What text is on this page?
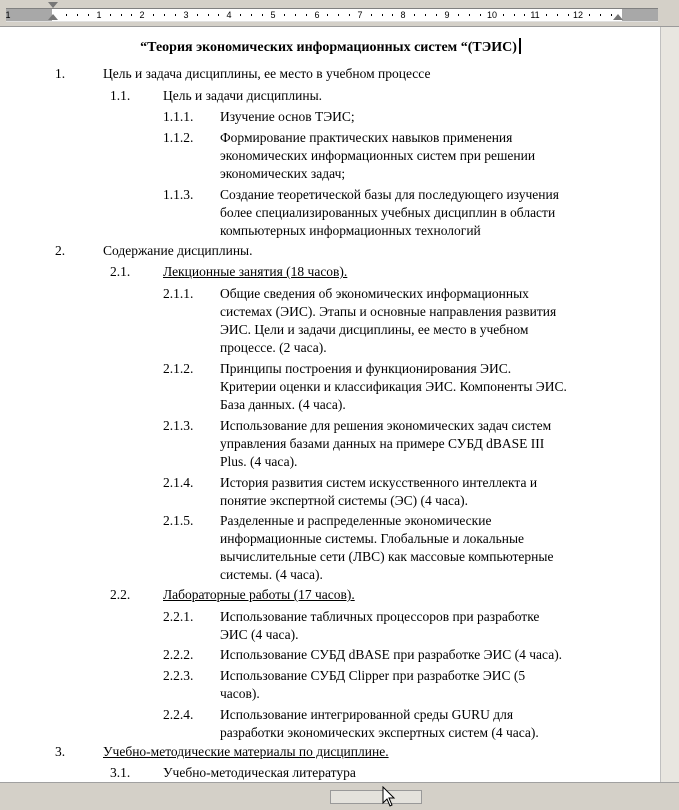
1	1	2	3	4	5	6	7	8	9	10	11	12
“Теория экономических информационных систем “(ТЭИС)
1.	Цель и задача дисциплины, ее место в учебном процессе
1.1. Цель и задачи дисциплины.
1.1.1. Изучение основ ТЭИС;
1.1.2. Формирование практических навыков применения
экономических информационных систем при решении
экономических задач;
1.1.3. Создание теоретической базы для последующего изучения
более специализированных учебных дисциплин в области
компьютерных информационных технологий
2.	Содержание дисциплины.
2.1. Лекционные занятия (18 часов).
2.1.1. Общие сведения об экономических информационных
системах (ЭИС). Этапы и основные направления развития
ЭИС. Цели и задачи дисциплины, ее место в учебном
процессе. (2 часа).
2.1.2. Принципы построения и функционирования ЭИС.
Критерии оценки и классификация ЭИС. Компоненты ЭИС.
База данных. (4 часа).
2.1.3. Использование для решения экономических задач систем
управления базами данных на примере СУБД dBASE III
Plus. (4 часа).
2.1.4. История развития систем искусственного интеллекта и
понятие экспертной системы (ЭС) (4 часа).
2.1.5. Разделенные и распределенные экономические
информационные системы. Глобальные и локальные
вычислительные сети (ЛВС) как массовые компьютерные
системы. (4 часа).
2.2. Лабораторные работы (17 часов).
2.2.1. Использование табличных процессоров при разработке
ЭИС (4 часа).
2.2.2. Использование СУБД dBASE при разработке ЭИС (4 часа).
2.2.3. Использование СУБД Clipper при разработке ЭИС (5
часов).
2.2.4. Использование интегрированной среды GURU для
разработки экономических экспертных систем (4 часа).
3.	Учебно-методические материалы по дисциплине.
3.1. Учебно-методическая литература
